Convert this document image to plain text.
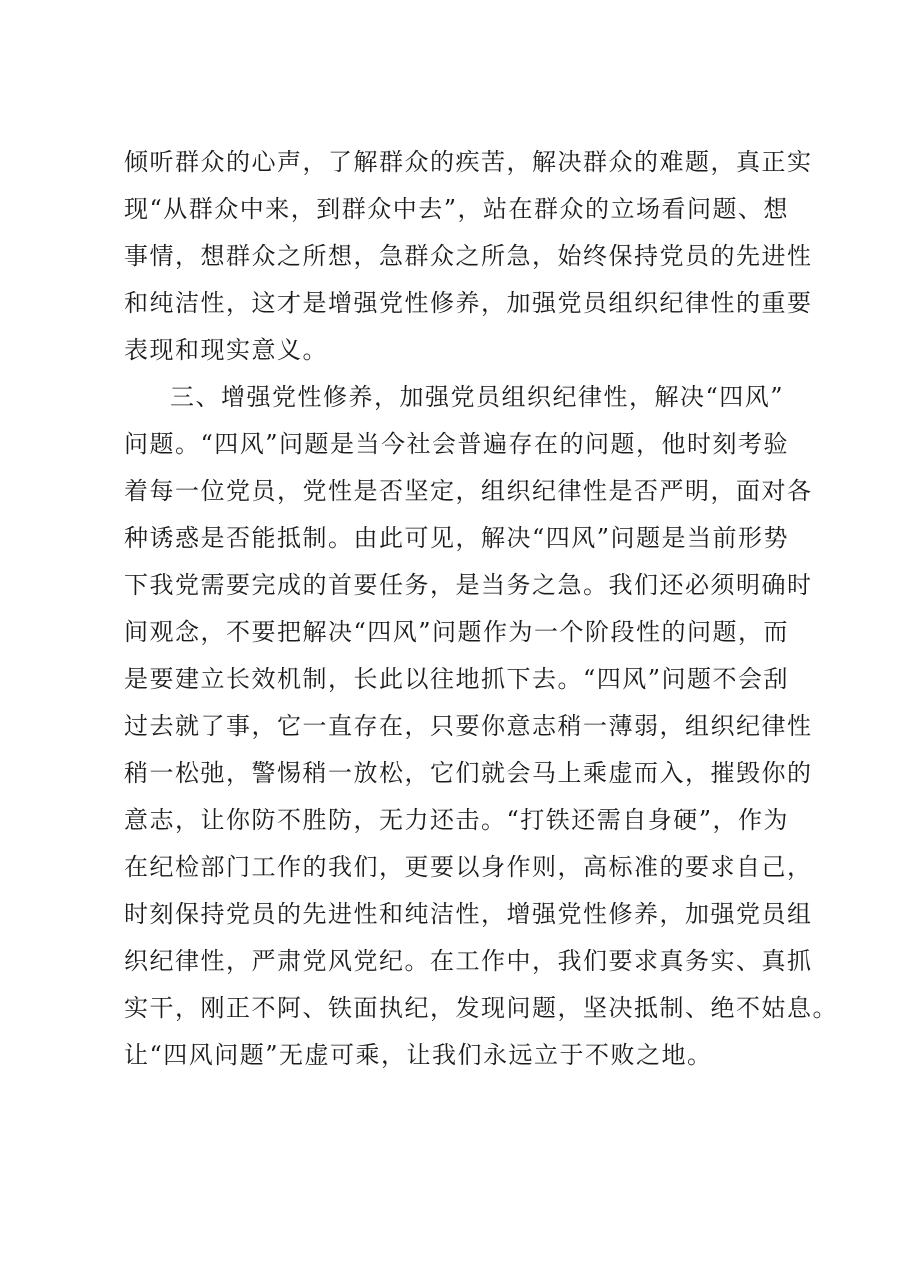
倾听群众的心声，了解群众的疾苦，解决群众的难题，真正实
现“从群众中来，到群众中去”，站在群众的立场看问题、想
事情，想群众之所想，急群众之所急，始终保持党员的先进性
和纯洁性，这才是增强党性修养，加强党员组织纪律性的重要
表现和现实意义。
三、增强党性修养，加强党员组织纪律性，解决“四风”
问题。“四风”问题是当今社会普遍存在的问题，他时刻考验
着每一位党员，党性是否坚定，组织纪律性是否严明，面对各
种诱惑是否能抵制。由此可见，解决“四风”问题是当前形势
下我党需要完成的首要任务，是当务之急。我们还必须明确时
间观念，不要把解决“四风”问题作为一个阶段性的问题，而
是要建立长效机制，长此以往地抓下去。“四风”问题不会刮
过去就了事，它一直存在，只要你意志稍一薄弱，组织纪律性
稍一松弛，警惕稍一放松，它们就会马上乘虚而入，摧毁你的
意志，让你防不胜防，无力还击。“打铁还需自身硬”，作为
在纪检部门工作的我们，更要以身作则，高标准的要求自己，
时刻保持党员的先进性和纯洁性，增强党性修养，加强党员组
织纪律性，严肃党风党纪。在工作中，我们要求真务实、真抓
实干，刚正不阿、铁面执纪，发现问题，坚决抵制、绝不姑息。
让“四风问题”无虚可乘，让我们永远立于不败之地。
